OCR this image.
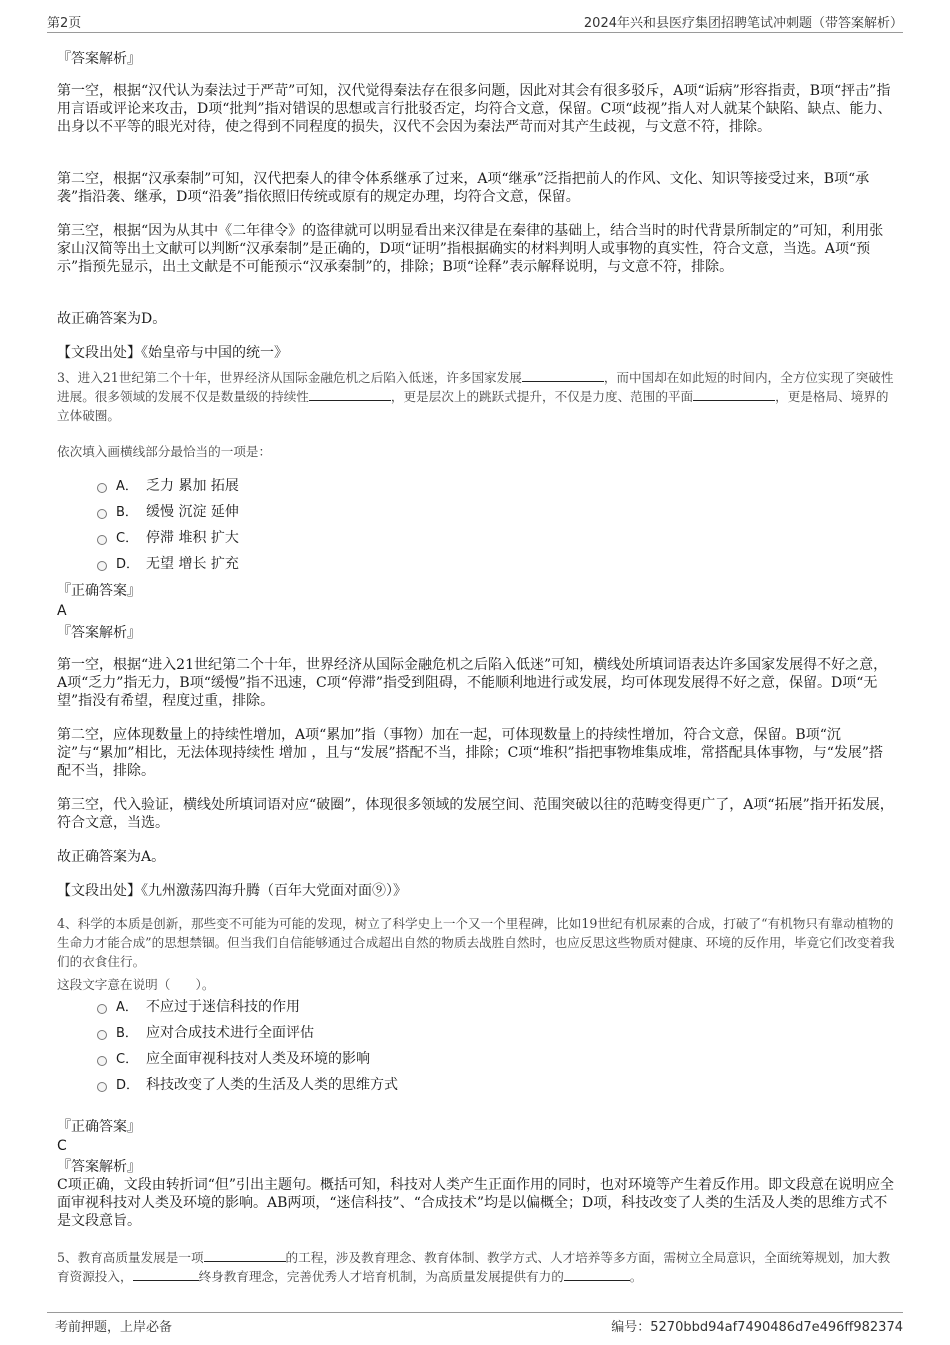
第2页	2024年兴和县医疗集团招聘笔试冲刺题（带答案解析）

『答案解析』

第一空，根据“汉代认为秦法过于严苛”可知，汉代觉得秦法存在很多问题，因此对其会有很多驳斥，A项“诟病”形容指责，B项“抨击”指用言语或评论来攻击，D项“批判”指对错误的思想或言行批驳否定，均符合文意，保留。C项“歧视”指人对人就某个缺陷、缺点、能力、出身以不平等的眼光对待，使之得到不同程度的损失，汉代不会因为秦法严苛而对其产生歧视，与文意不符，排除。

第二空，根据“汉承秦制”可知，汉代把秦人的律令体系继承了过来，A项“继承”泛指把前人的作风、文化、知识等接受过来，B项“承袭”指沿袭、继承，D项“沿袭”指依照旧传统或原有的规定办理，均符合文意，保留。

第三空，根据“因为从其中《二年律令》的盗律就可以明显看出来汉律是在秦律的基础上，结合当时的时代背景所制定的”可知，利用张家山汉简等出土文献可以判断“汉承秦制”是正确的，D项“证明”指根据确实的材料判明人或事物的真实性，符合文意，当选。A项“预示”指预先显示，出土文献是不可能预示“汉承秦制”的，排除；B项“诠释”表示解释说明，与文意不符，排除。

故正确答案为D。

【文段出处】《始皇帝与中国的统一》

3、进入21世纪第二个十年，世界经济从国际金融危机之后陷入低迷，许多国家发展	，而中国却在如此短的时间内，全方位实现了突破性进展。很多领域的发展不仅是数量级的持续性	，更是层次上的跳跃式提升，不仅是力度、范围的平面	，更是格局、境界的立体破圈。

依次填入画横线部分最恰当的一项是：

A． 乏力 累加 拓展
B． 缓慢 沉淀 延伸
C． 停滞 堆积 扩大
D． 无望 增长 扩充

『正确答案』

A

『答案解析』

第一空，根据“进入21世纪第二个十年，世界经济从国际金融危机之后陷入低迷”可知，横线处所填词语表达许多国家发展得不好之意，A项“乏力”指无力，B项“缓慢”指不迅速，C项“停滞”指受到阻碍，不能顺利地进行或发展，均可体现发展得不好之意，保留。D项“无望”指没有希望，程度过重，排除。

第二空，应体现数量上的持续性增加，A项“累加”指（事物）加在一起，可体现数量上的持续性增加，符合文意，保留。B项“沉淀”与“累加”相比，无法体现持续性 增加 ，且与“发展”搭配不当，排除；C项“堆积”指把事物堆集成堆，常搭配具体事物，与“发展”搭配不当，排除。

第三空，代入验证，横线处所填词语对应“破圈”，体现很多领域的发展空间、范围突破以往的范畴变得更广了，A项“拓展”指开拓发展，符合文意，当选。

故正确答案为A。

【文段出处】《九州激荡四海升腾（百年大党面对面⑨）》

4、科学的本质是创新，那些变不可能为可能的发现，树立了科学史上一个又一个里程碑，比如19世纪有机尿素的合成，打破了“有机物只有靠动植物的生命力才能合成”的思想禁锢。但当我们自信能够通过合成超出自然的物质去战胜自然时，也应反思这些物质对健康、环境的反作用，毕竟它们改变着我们的衣食住行。

这段文字意在说明（　　）。

A． 不应过于迷信科技的作用
B． 应对合成技术进行全面评估
C． 应全面审视科技对人类及环境的影响
D． 科技改变了人类的生活及人类的思维方式

『正确答案』

C

『答案解析』

C项正确，文段由转折词“但”引出主题句。概括可知，科技对人类产生正面作用的同时，也对环境等产生着反作用。即文段意在说明应全面审视科技对人类及环境的影响。AB两项，“迷信科技”、“合成技术”均是以偏概全；D项，科技改变了人类的生活及人类的思维方式不是文段意旨。

5、教育高质量发展是一项	的工程，涉及教育理念、教育体制、教学方式、人才培养等多方面，需树立全局意识，全面统筹规划，加大教育资源投入，	终身教育理念，完善优秀人才培育机制，为高质量发展提供有力的	。

考前押题，上岸必备	编号：5270bbd94af7490486d7e496ff982374
